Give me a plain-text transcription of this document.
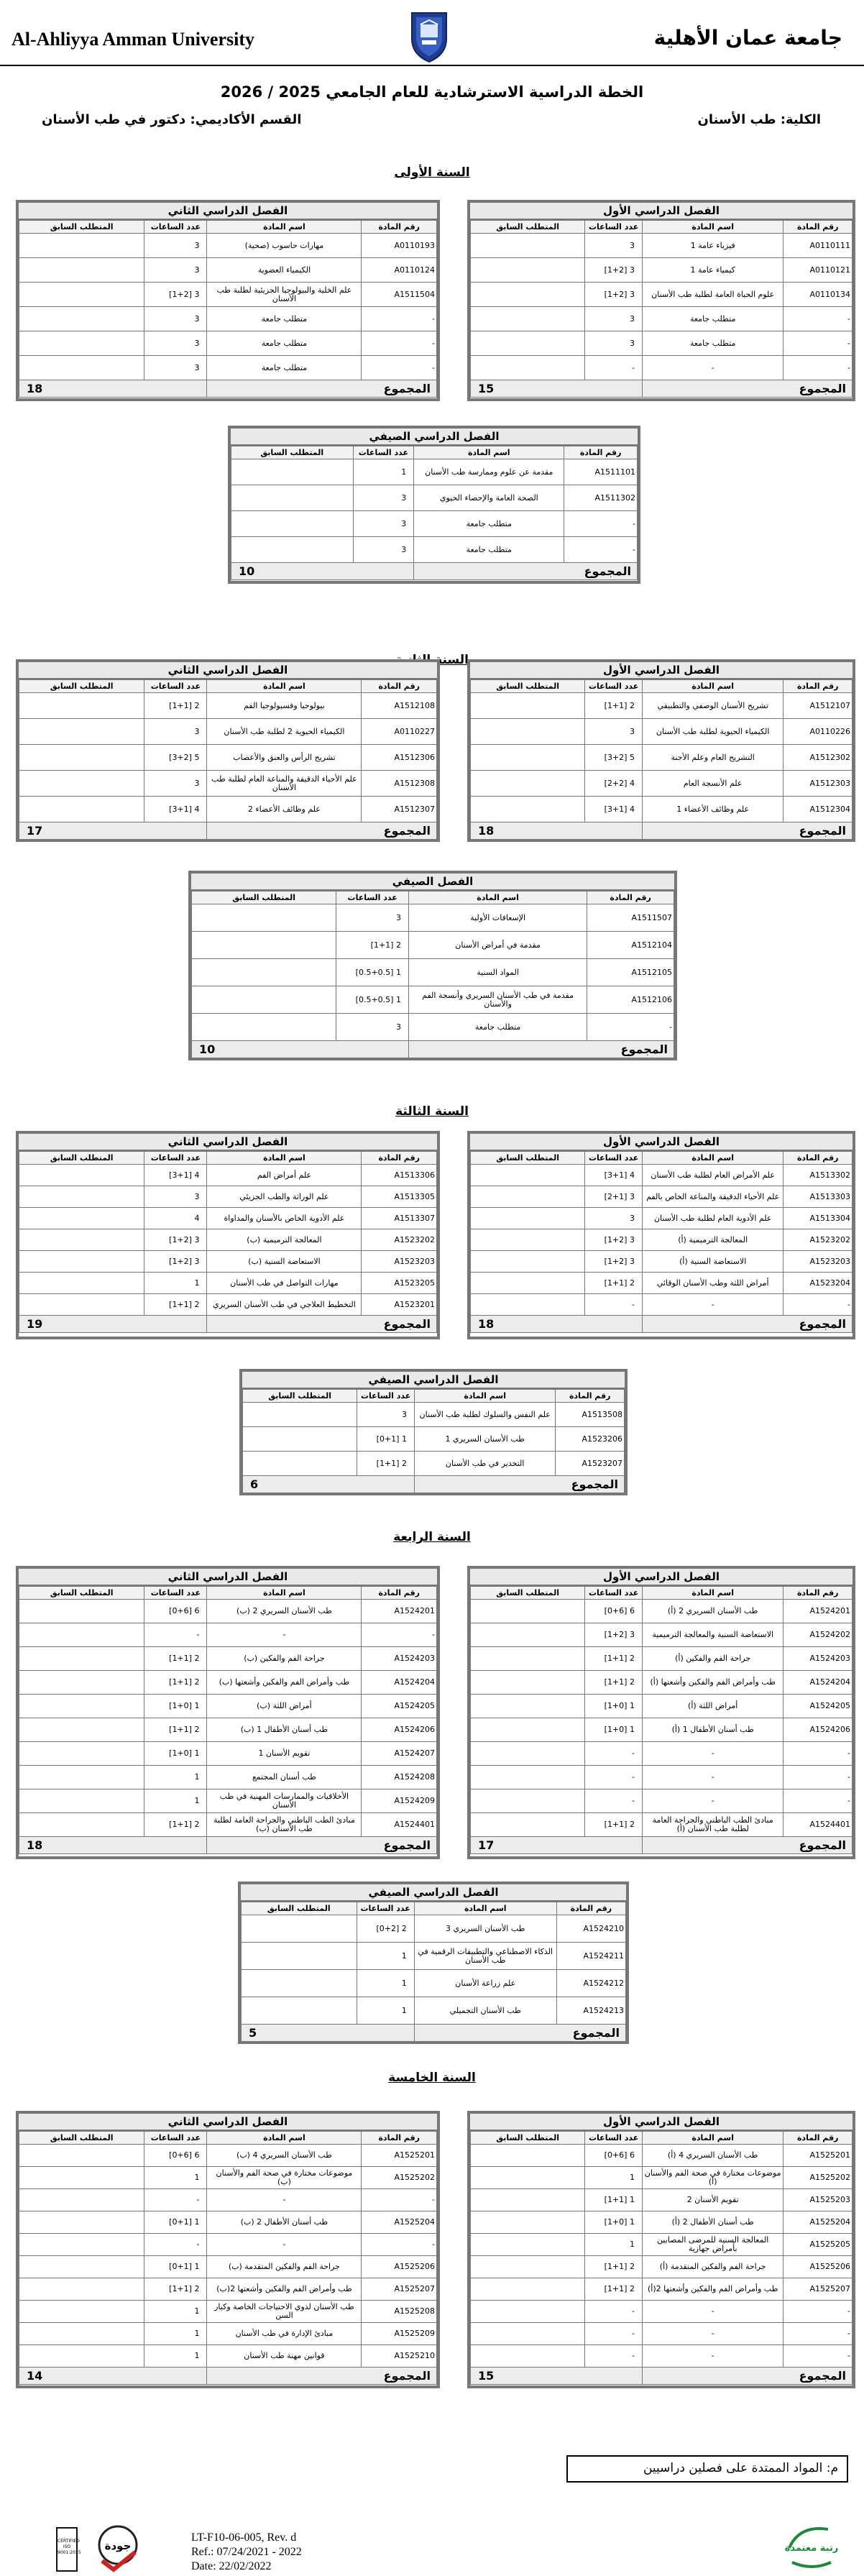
Al-Ahliyya Amman University	جامعة عمان الأهلية
الخطة الدراسية الاسترشادية للعام الجامعي 2025 / 2026
الكلية: طب الأسنان
القسم الأكاديمي: دكتور في طب الأسنان
السنة الأولى
الفصل الدراسي الأول
رقم المادة	اسم المادة	عدد الساعات	المتطلب السابق
A0110111	فيزياء عامة 1	3	
A0110121	كيمياء عامة 1	3 [1+2]	
A0110134	علوم الحياة العامة لطلبة طب الأسنان	3 [1+2]	
-	متطلب جامعة	3	
-	متطلب جامعة	3	
-	-	-	
المجموع		15	
الفصل الدراسي الثاني
رقم المادة	اسم المادة	عدد الساعات	المتطلب السابق
A0110193	مهارات حاسوب (صحية)	3	
A0110124	الكيمياء العضوية	3	
A1511504	علم الخلية والبيولوجيا الجزيئية لطلبة طب الأسنان	3 [1+2]	
-	متطلب جامعة	3	
-	متطلب جامعة	3	
-	متطلب جامعة	3	
المجموع		18	
الفصل الدراسي الصيفي
رقم المادة	اسم المادة	عدد الساعات	المتطلب السابق
A1511101	مقدمة عن علوم وممارسة طب الأسنان	1	
A1511302	الصحة العامة والإحصاء الحيوي	3	
-	متطلب جامعة	3	
-	متطلب جامعة	3	
المجموع		10	
السنة
الفصل الدراسي الأول
رقم المادة	اسم المادة	عدد الساعات	المتطلب السابق
A1512107	تشريح الأسنان الوصفي والتطبيقي	2 [1+1]	
A0110226	الكيمياء الحيوية لطلبة طب الأسنان	3	
A1512302	التشريح العام وعلم الأجنة	5 [3+2]	
A1512303	علم الأنسجة العام	4 [2+2]	
A1512304	علم وظائف الأعضاء 1	4 [3+1]	
المجموع		18	
الفصل الدراسي الثاني
رقم المادة	اسم المادة	عدد الساعات	المتطلب السابق
A1512108	بيولوجيا وفسيولوجيا الفم	2 [1+1]	
A0110227	الكيمياء الحيوية 2 لطلبة طب الأسنان	3	
A1512306	تشريح الرأس والعنق والأعصاب	5 [3+2]	
A1512308	علم الأحياء الدقيقة والمناعة العام لطلبة طب الأسنان	3	
A1512307	علم وظائف الأعضاء 2	4 [3+1]	
المجموع		17	
الفصل الصيفي
رقم المادة	اسم المادة	عدد الساعات	المتطلب السابق
A1511507	الإسعافات الأولية	3	
A1512104	مقدمة في أمراض الأسنان	2 [1+1]	
A1512105	المواد السنية	1 [0.5+0.5]	
A1512106	مقدمة في طب الأسنان السريري وأنسجة الفم والأسنان	1 [0.5+0.5]	
-	متطلب جامعة	3	
المجموع		10	
السنة الثالثة
الفصل الدراسي الأول
رقم المادة	اسم المادة	عدد الساعات	المتطلب السابق
A1513302	علم الأمراض العام لطلبة طب الأسنان	4 [3+1]	
A1513303	علم الأحياء الدقيقة والمناعة الخاص بالفم	3 [2+1]	
A1513304	علم الأدوية العام لطلبة طب الأسنان	3	
A1523202	المعالجة الترميمية (أ)	3 [1+2]	
A1523203	الاستعاضة السنية (أ)	3 [1+2]	
A1523204	أمراض اللثة وطب الأسنان الوقائي	2 [1+1]	
-	-	-	
المجموع		18	
الفصل الدراسي الثاني
رقم المادة	اسم المادة	عدد الساعات	المتطلب السابق
A1513306	علم أمراض الفم	4 [3+1]	
A1513305	علم الوراثة والطب الجزيئي	3	
A1513307	علم الأدوية الخاص بالأسنان والمداواة	4	
A1523202	المعالجة الترميمية (ب)	3 [1+2]	
A1523203	الاستعاضة السنية (ب)	3 [1+2]	
A1523205	مهارات التواصل في طب الأسنان	1	
A1523201	التخطيط العلاجي في طب الأسنان السريري	2 [1+1]	
المجموع		19	
الفصل الدراسي الصيفي
رقم المادة	اسم المادة	عدد الساعات	المتطلب السابق
A1513508	علم النفس والسلوك لطلبة طب الأسنان	3	
A1523206	طب الأسنان السريري 1	1 [0+1]	
A1523207	التخدير في طب الأسنان	2 [1+1]	
المجموع		6	
السنة الرابعة
الفصل الدراسي الأول
رقم المادة	اسم المادة	عدد الساعات	المتطلب السابق
A1524201	طب الأسنان السريري 2 (أ)	6 [0+6]	
A1524202	الاستعاضة السنية والمعالجة الترميمية	3 [1+2]	
A1524203	جراحة الفم والفكين (أ)	2 [1+1]	
A1524204	طب وأمراض الفم والفكين وأشعتها (أ)	2 [1+1]	
A1524205	أمراض اللثة (أ)	1 [1+0]	
A1524206	طب أسنان الأطفال 1 (أ)	1 [1+0]	
-	-	-	
-	-	-	
-	-	-	
A1524401	مبادئ الطب الباطني والجراحة العامة لطلبة طب الأسنان (أ)	2 [1+1]	
المجموع		17	
الفصل الدراسي الثاني
رقم المادة	اسم المادة	عدد الساعات	المتطلب السابق
A1524201	طب الأسنان السريري 2 (ب)	6 [0+6]	
-	-	-	
A1524203	جراحة الفم والفكين (ب)	2 [1+1]	
A1524204	طب وأمراض الفم والفكين وأشعتها (ب)	2 [1+1]	
A1524205	أمراض اللثة (ب)	1 [1+0]	
A1524206	طب أسنان الأطفال 1 (ب)	2 [1+1]	
A1524207	تقويم الأسنان 1	1 [1+0]	
A1524208	طب أسنان المجتمع	1	
A1524209	الأخلاقيات والممارسات المهنية في طب الأسنان	1	
A1524401	مبادئ الطب الباطني والجراحة العامة لطلبة طب الأسنان (ب)	2 [1+1]	
المجموع		18	
الفصل الدراسي الصيفي
رقم المادة	اسم المادة	عدد الساعات	المتطلب السابق
A1524210	طب الأسنان السريري 3	2 [0+2]	
A1524211	الذكاء الاصطناعي والتطبيقات الرقمية في طب الأسنان	1	
A1524212	علم زراعة الأسنان	1	
A1524213	طب الأسنان التجميلي	1	
المجموع		5	
السنة الخامسة
الفصل الدراسي الأول
رقم المادة	اسم المادة	عدد الساعات	المتطلب السابق
A1525201	طب الأسنان السريري 4 (أ)	6 [0+6]	
A1525202	موضوعات مختارة في صحة الفم والأسنان (أ)	1	
A1525203	تقويم الأسنان 2	1 [1+1]	
A1525204	طب أسنان الأطفال 2 (أ)	1 [1+0]	
A1525205	المعالجة السنية للمرضى المصابين بأمراض جهازية	1	
A1525206	جراحة الفم والفكين المتقدمة (أ)	2 [1+1]	
A1525207	طب وأمراض الفم والفكين وأشعتها 2(أ)	2 [1+1]	
-	-	-	
-	-	-	
-	-	-	
المجموع		15	
الفصل الدراسي الثاني
رقم المادة	اسم المادة	عدد الساعات	المتطلب السابق
A1525201	طب الأسنان السريري 4 (ب)	6 [0+6]	
A1525202	موضوعات مختارة في صحة الفم والأسنان (ب)	1	
-	-	-	
A1525204	طب أسنان الأطفال 2 (ب)	1 [0+1]	
-	-	-	
A1525206	جراحة الفم والفكين المتقدمة (ب)	1 [0+1]	
A1525207	طب وأمراض الفم والفكين وأشعتها 2(ب)	2 [1+1]	
A1525208	طب الأسنان لذوي الاحتياجات الخاصة وكبار السن	1	
A1525209	مبادئ الإدارة في طب الأسنان	1	
A1525210	قوانين مهنة طب الأسنان	1	
المجموع		14	
م: المواد الممتدة على فصلين دراسيين
LT-F10-06-005, Rev. d
Ref.: 07/24/2021 - 2022
Date: 22/02/2022
CERTIFIED ISO 9001:2015
جودة	رتبة معتمدة
